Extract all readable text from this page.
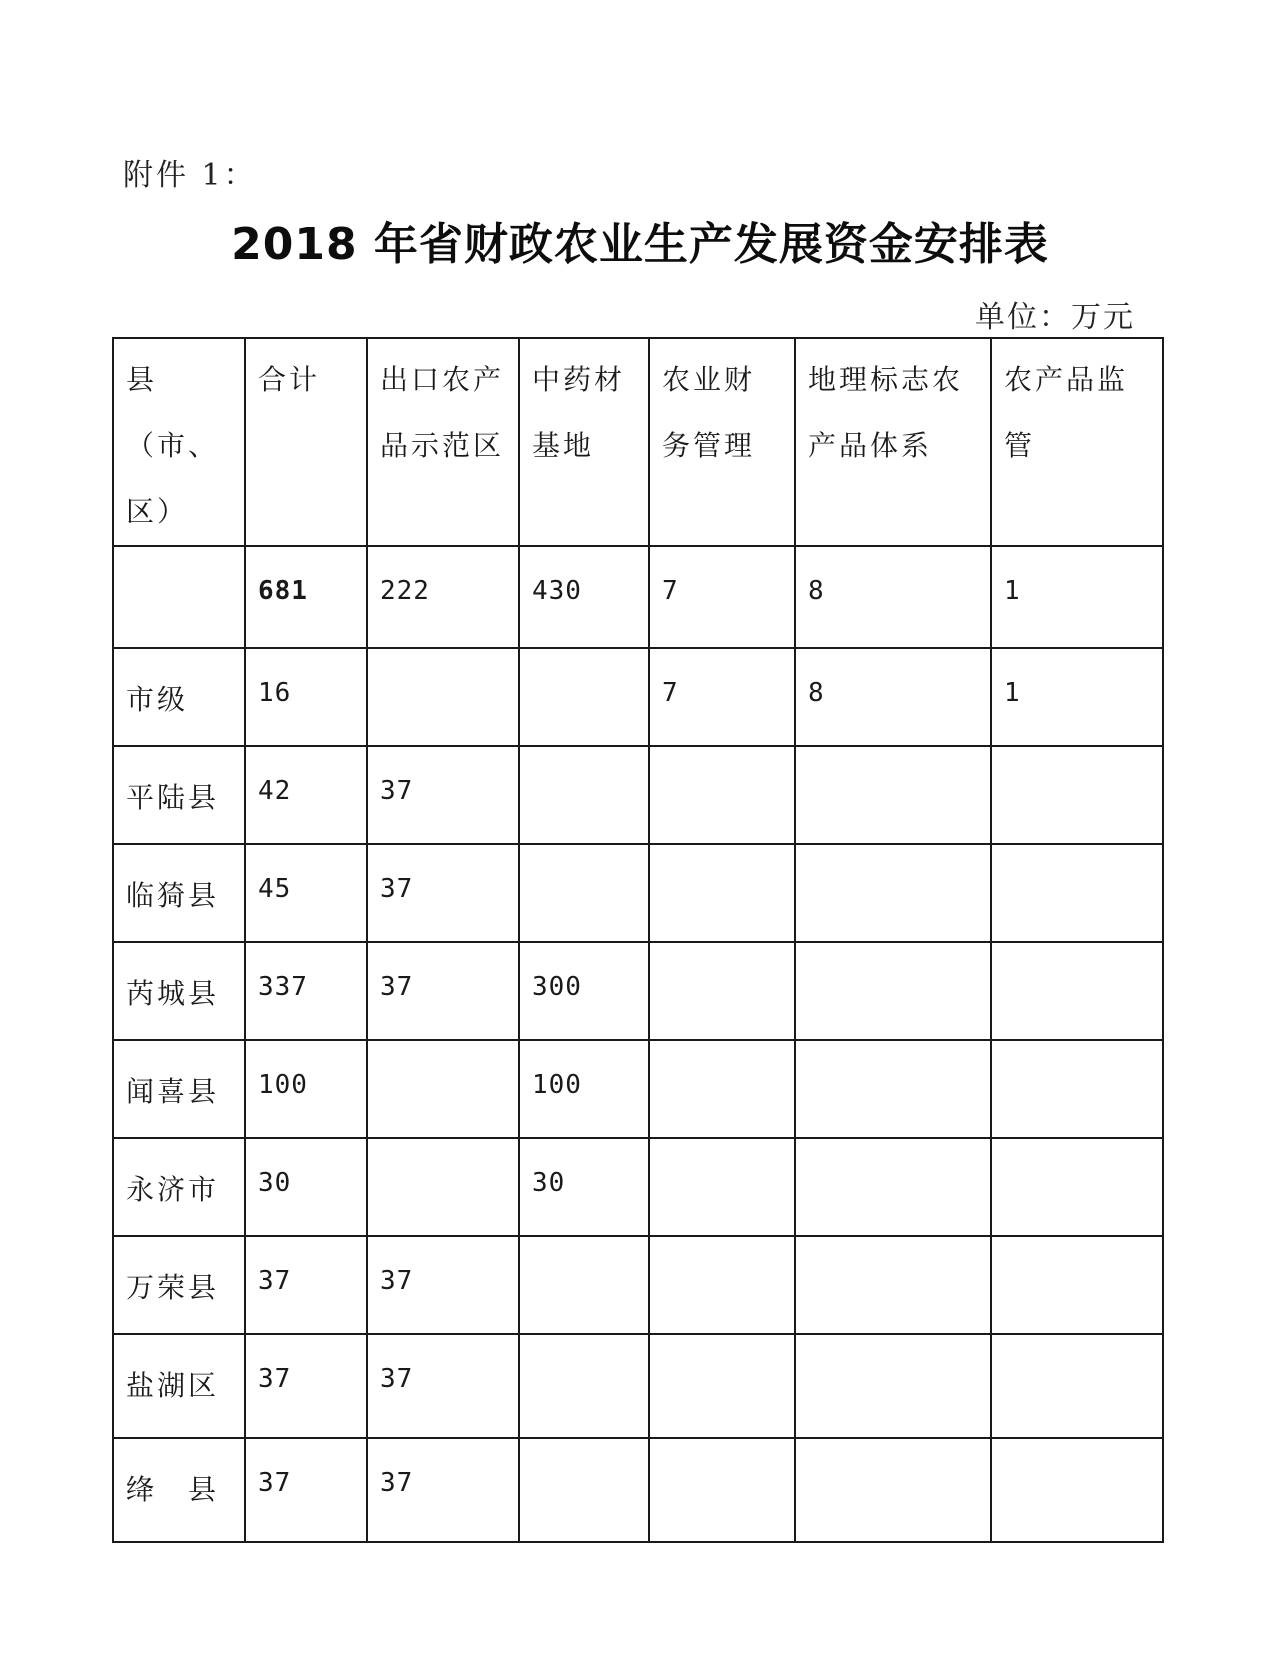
附件 1：
2018 年省财政农业生产发展资金安排表
单位：万元
县（市、区）	合计	出口农产品示范区	中药材基地	农业财务管理	地理标志农产品体系	农产品监管
	681	222	430	7	8	1
市级	16			7	8	1
平陆县	42	37				
临猗县	45	37				
芮城县	337	37	300			
闻喜县	100		100			
永济市	30		30			
万荣县	37	37				
盐湖区	37	37				
绛　县	37	37				
